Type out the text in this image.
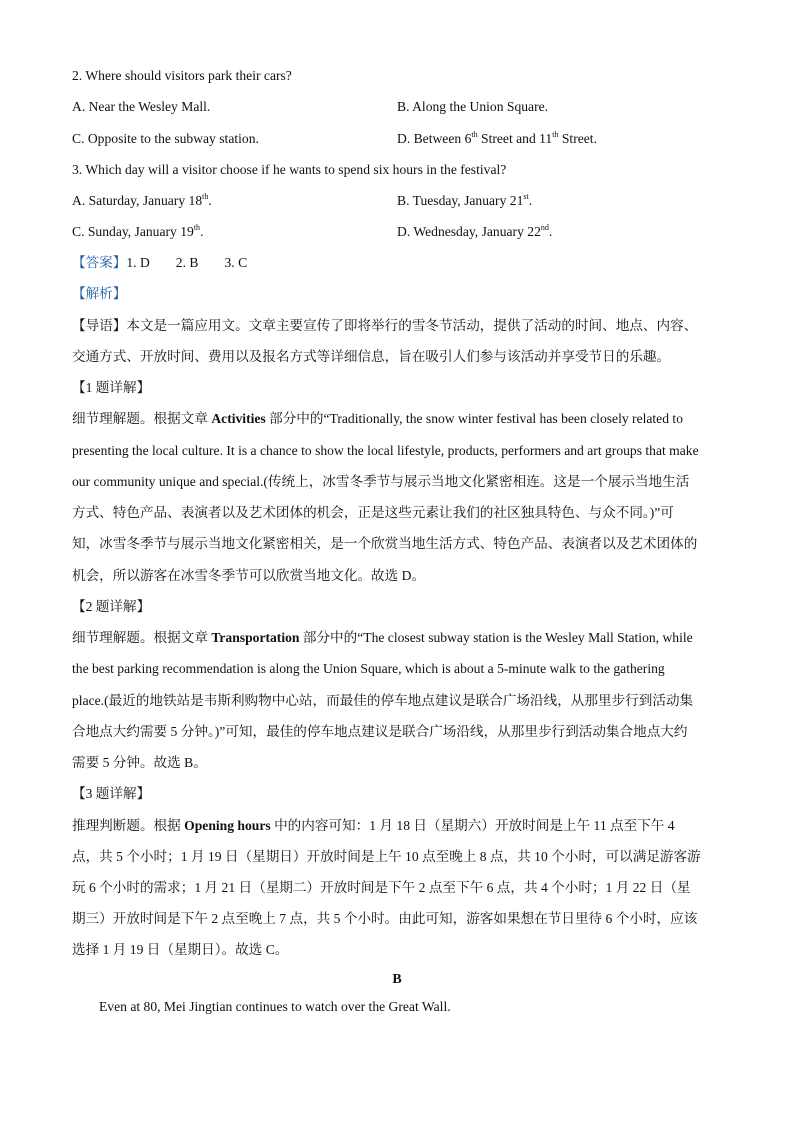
2. Where should visitors park their cars?
A. Near the Wesley Mall.	B. Along the Union Square.
C. Opposite to the subway station.	D. Between 6th Street and 11th Street.
3. Which day will a visitor choose if he wants to spend six hours in the festival?
A. Saturday, January 18th.	B. Tuesday, January 21st.
C. Sunday, January 19th.	D. Wednesday, January 22nd.
【答案】1. D 2. B 3. C
【解析】
【导语】本文是一篇应用文。文章主要宣传了即将举行的雪冬节活动，提供了活动的时间、地点、内容、
交通方式、开放时间、费用以及报名方式等详细信息，旨在吸引人们参与该活动并享受节日的乐趣。
【1 题详解】
细节理解题。根据文章 Activities 部分中的“Traditionally, the snow winter festival has been closely related to
presenting the local culture. It is a chance to show the local lifestyle, products, performers and art groups that make
our community unique and special.(传统上，冰雪冬季节与展示当地文化紧密相连。这是一个展示当地生活
方式、特色产品、表演者以及艺术团体的机会，正是这些元素让我们的社区独具特色、与众不同。)”可
知，冰雪冬季节与展示当地文化紧密相关，是一个欣赏当地生活方式、特色产品、表演者以及艺术团体的
机会，所以游客在冰雪冬季节可以欣赏当地文化。故选 D。
【2 题详解】
细节理解题。根据文章 Transportation 部分中的“The closest subway station is the Wesley Mall Station, while
the best parking recommendation is along the Union Square, which is about a 5-minute walk to the gathering
place.(最近的地铁站是韦斯利购物中心站，而最佳的停车地点建议是联合广场沿线，从那里步行到活动集
合地点大约需要 5 分钟。)”可知，最佳的停车地点建议是联合广场沿线，从那里步行到活动集合地点大约
需要 5 分钟。故选 B。
【3 题详解】
推理判断题。根据 Opening hours 中的内容可知：1 月 18 日（星期六）开放时间是上午 11 点至下午 4
点，共 5 个小时；1 月 19 日（星期日）开放时间是上午 10 点至晚上 8 点，共 10 个小时，可以满足游客游
玩 6 个小时的需求；1 月 21 日（星期二）开放时间是下午 2 点至下午 6 点，共 4 个小时；1 月 22 日（星
期三）开放时间是下午 2 点至晚上 7 点，共 5 个小时。由此可知，游客如果想在节日里待 6 个小时，应该
选择 1 月 19 日（星期日）。故选 C。
B
Even at 80, Mei Jingtian continues to watch over the Great Wall.
